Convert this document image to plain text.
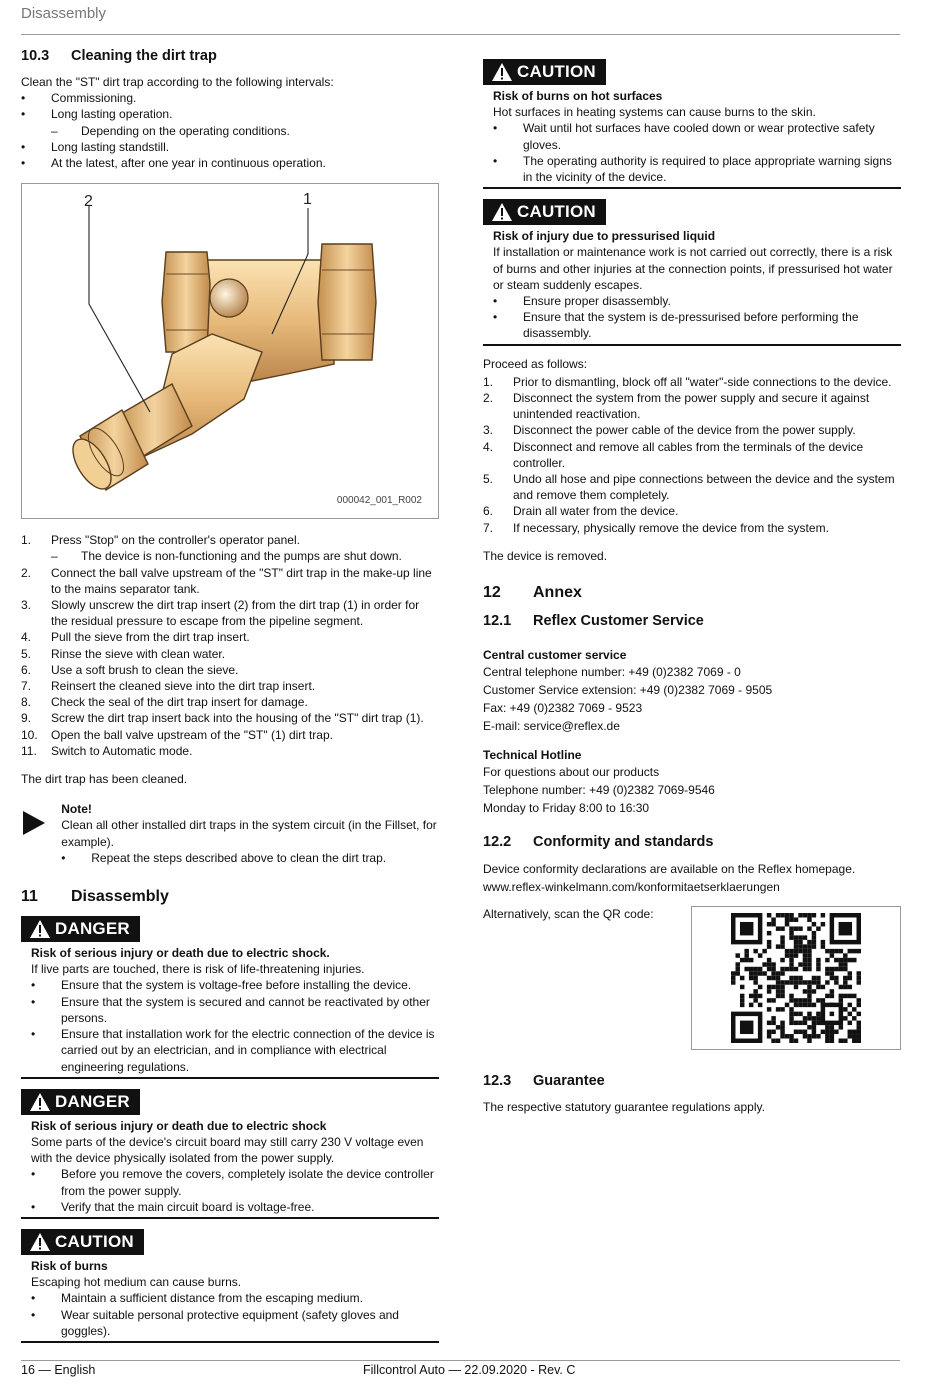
Disassembly
10.3	Cleaning the dirt trap
Clean the "ST" dirt trap according to the following intervals:
• Commissioning.
• Long lasting operation.
– Depending on the operating conditions.
• Long lasting standstill.
• At the latest, after one year in continuous operation.
2	1
000042_001_R002
1. Press "Stop" on the controller's operator panel.
– The device is non-functioning and the pumps are shut down.
2. Connect the ball valve upstream of the "ST" dirt trap in the make-up line to the mains separator tank.
3. Slowly unscrew the dirt trap insert (2) from the dirt trap (1) in order for the residual pressure to escape from the pipeline segment.
4. Pull the sieve from the dirt trap insert.
5. Rinse the sieve with clean water.
6. Use a soft brush to clean the sieve.
7. Reinsert the cleaned sieve into the dirt trap insert.
8. Check the seal of the dirt trap insert for damage.
9. Screw the dirt trap insert back into the housing of the "ST" dirt trap (1).
10. Open the ball valve upstream of the "ST" (1) dirt trap.
11. Switch to Automatic mode.
The dirt trap has been cleaned.
Note!
Clean all other installed dirt traps in the system circuit (in the Fillset, for example).
• Repeat the steps described above to clean the dirt trap.
11	Disassembly
DANGER
Risk of serious injury or death due to electric shock.
If live parts are touched, there is risk of life-threatening injuries.
• Ensure that the system is voltage-free before installing the device.
• Ensure that the system is secured and cannot be reactivated by other persons.
• Ensure that installation work for the electric connection of the device is carried out by an electrician, and in compliance with electrical engineering regulations.
DANGER
Risk of serious injury or death due to electric shock
Some parts of the device's circuit board may still carry 230 V voltage even with the device physically isolated from the power supply.
• Before you remove the covers, completely isolate the device controller from the power supply.
• Verify that the main circuit board is voltage-free.
CAUTION
Risk of burns
Escaping hot medium can cause burns.
• Maintain a sufficient distance from the escaping medium.
• Wear suitable personal protective equipment (safety gloves and goggles).
CAUTION
Risk of burns on hot surfaces
Hot surfaces in heating systems can cause burns to the skin.
• Wait until hot surfaces have cooled down or wear protective safety gloves.
• The operating authority is required to place appropriate warning signs in the vicinity of the device.
CAUTION
Risk of injury due to pressurised liquid
If installation or maintenance work is not carried out correctly, there is a risk of burns and other injuries at the connection points, if pressurised hot water or steam suddenly escapes.
• Ensure proper disassembly.
• Ensure that the system is de-pressurised before performing the disassembly.
Proceed as follows:
1. Prior to dismantling, block off all "water"-side connections to the device.
2. Disconnect the system from the power supply and secure it against unintended reactivation.
3. Disconnect the power cable of the device from the power supply.
4. Disconnect and remove all cables from the terminals of the device controller.
5. Undo all hose and pipe connections between the device and the system and remove them completely.
6. Drain all water from the device.
7. If necessary, physically remove the device from the system.
The device is removed.
12	Annex
12.1	Reflex Customer Service
Central customer service
Central telephone number: +49 (0)2382 7069 - 0
Customer Service extension: +49 (0)2382 7069 - 9505
Fax: +49 (0)2382 7069 - 9523
E-mail: service@reflex.de
Technical Hotline
For questions about our products
Telephone number: +49 (0)2382 7069-9546
Monday to Friday 8:00 to 16:30
12.2	Conformity and standards
Device conformity declarations are available on the Reflex homepage.
www.reflex-winkelmann.com/konformitaetserklaerungen
Alternatively, scan the QR code:
12.3	Guarantee
The respective statutory guarantee regulations apply.
16 — English	Fillcontrol Auto — 22.09.2020 - Rev. C
